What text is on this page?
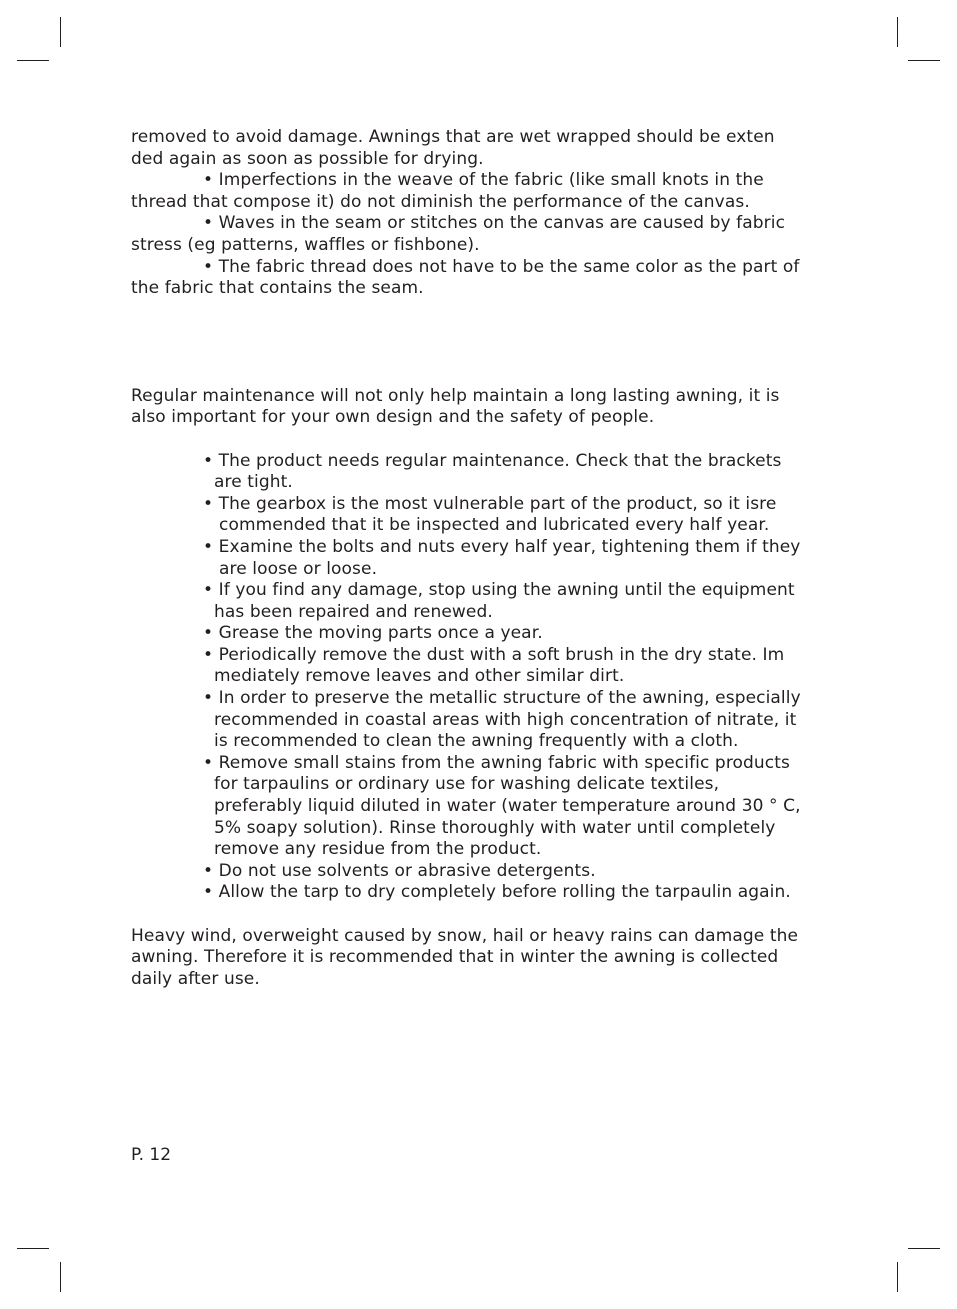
removed to avoid damage. Awnings that are wet wrapped should be exten
ded again as soon as possible for drying.
• Imperfections in the weave of the fabric (like small knots in the
thread that compose it) do not diminish the performance of the canvas.
• Waves in the seam or stitches on the canvas are caused by fabric
stress (eg patterns, waffles or fishbone).
• The fabric thread does not have to be the same color as the part of
the fabric that contains the seam.
Regular maintenance will not only help maintain a long lasting awning, it is
also important for your own design and the safety of people.
• The product needs regular maintenance. Check that the brackets
are tight.
• The gearbox is the most vulnerable part of the product, so it isre
commended that it be inspected and lubricated every half year.
• Examine the bolts and nuts every half year, tightening them if they
are loose or loose.
• If you find any damage, stop using the awning until the equipment
has been repaired and renewed.
• Grease the moving parts once a year.
• Periodically remove the dust with a soft brush in the dry state. Im
mediately remove leaves and other similar dirt.
• In order to preserve the metallic structure of the awning, especially
recommended in coastal areas with high concentration of nitrate, it
is recommended to clean the awning frequently with a cloth.
• Remove small stains from the awning fabric with specific products
for tarpaulins or ordinary use for washing delicate textiles,
preferably liquid diluted in water (water temperature around 30 ° C,
5% soapy solution). Rinse thoroughly with water until completely
remove any residue from the product.
• Do not use solvents or abrasive detergents.
• Allow the tarp to dry completely before rolling the tarpaulin again.
Heavy wind, overweight caused by snow, hail or heavy rains can damage the
awning. Therefore it is recommended that in winter the awning is collected
daily after use.
P. 12
